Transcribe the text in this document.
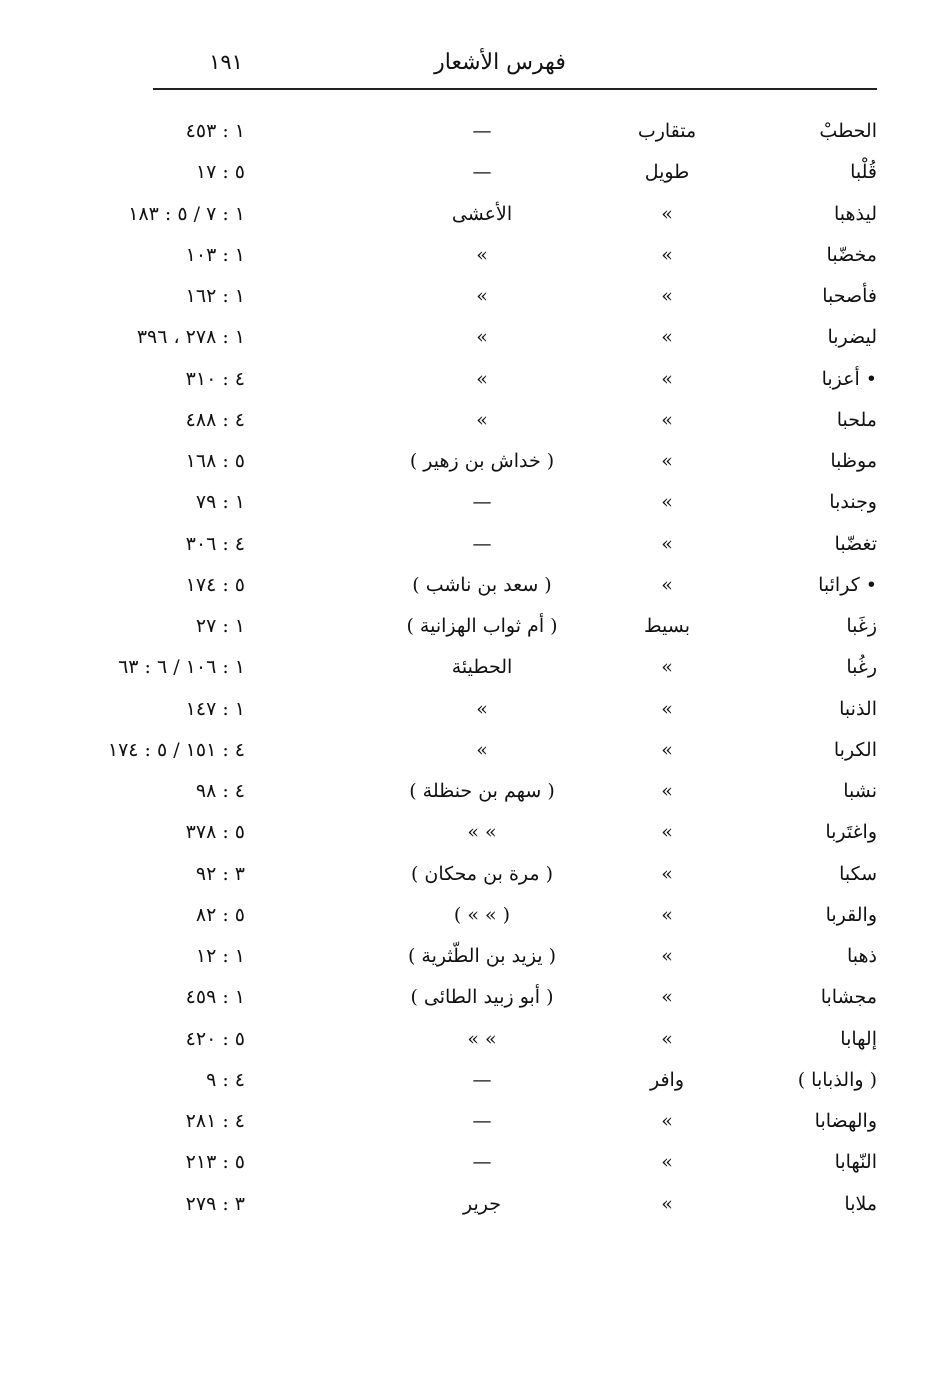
فهرس الأشعار
١٩١
الحطبْ
متقارب
—
١ : ٤٥٣
قُلْبا
طويل
—
٥ : ١٧
ليذهبا
»
الأعشى
١ : ٧ / ٥ : ١٨٣
مخضّبا
»
»
١ : ١٠٣
فأصحبا
»
»
١ : ١٦٢
ليضربا
»
»
١ : ٢٧٨ ، ٣٩٦
• أعزبا
»
»
٤ : ٣١٠
ملحبا
»
»
٤ : ٤٨٨
موظبا
»
( خداش بن زهير )
٥ : ١٦٨
وجندبا
»
—
١ : ٧٩
تغضّبا
»
—
٤ : ٣٠٦
• كرائبا
»
( سعد بن ناشب )
٥ : ١٧٤
زغَبا
بسيط
( أم ثواب الهزانية )
١ : ٢٧
رغُبا
»
الحطيئة
١ : ١٠٦ / ٦ : ٦٣
الذنبا
»
»
١ : ١٤٧
الكربا
»
»
٤ : ١٥١ / ٥ : ١٧٤
نشبا
»
( سهم بن حنظلة )
٤ : ٩٨
واغتَربا
»
» »
٥ : ٣٧٨
سكبا
»
( مرة بن محكان )
٣ : ٩٢
والقربا
»
( » » )
٥ : ٨٢
ذهبا
»
( يزيد بن الطّثرية )
١ : ١٢
مجشابا
»
( أبو زبيد الطائى )
١ : ٤٥٩
إلهابا
»
» »
٥ : ٤٢٠
( والذبابا )
وافر
—
٤ : ٩
والهضابا
»
—
٤ : ٢٨١
النّهابا
»
—
٥ : ٢١٣
ملابا
»
جرير
٣ : ٢٧٩
